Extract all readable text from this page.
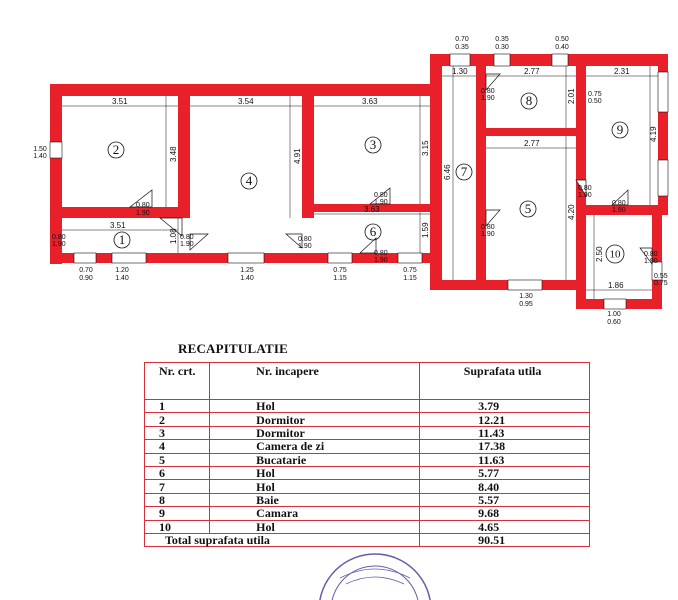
1
2	3
4
5
6
7
8
9
10
3.51	3.54	3.63
3.51
3.63
1.30	2.77	2.31
2.77
1.86
3.48	4.91
3.15
1.08	1.59
6.46
2.01
4.19
4.20
2.50
0.80
1.90
0.80
1.90
0.80
1.90
0.80
1.90
0.80
1.90
0.80
1.90
0.80
1.90
0.75
0.50
0.80
1.90
0.80
1.90
0.80
1.90
0.80
1.90
0.55
0.75
1.50
1.40
0.70
0.90
1.20
1.40
1.25
1.40
0.75
1.15
0.75
1.15
1.30
0.95
1.00
0.60
0.70
0.35
0.35
0.30
0.50
0.40
RECAPITULATIE
Nr. crt.	Nr. incapere	Suprafata utila
1	Hol	3.79
2	Dormitor	12.21
3	Dormitor	11.43
4	Camera de zi	17.38
5	Bucatarie	11.63
6	Hol	5.77
7	Hol	8.40
8	Baie	5.57
9	Camara	9.68
10	Hol	4.65
Total suprafata utila		90.51
